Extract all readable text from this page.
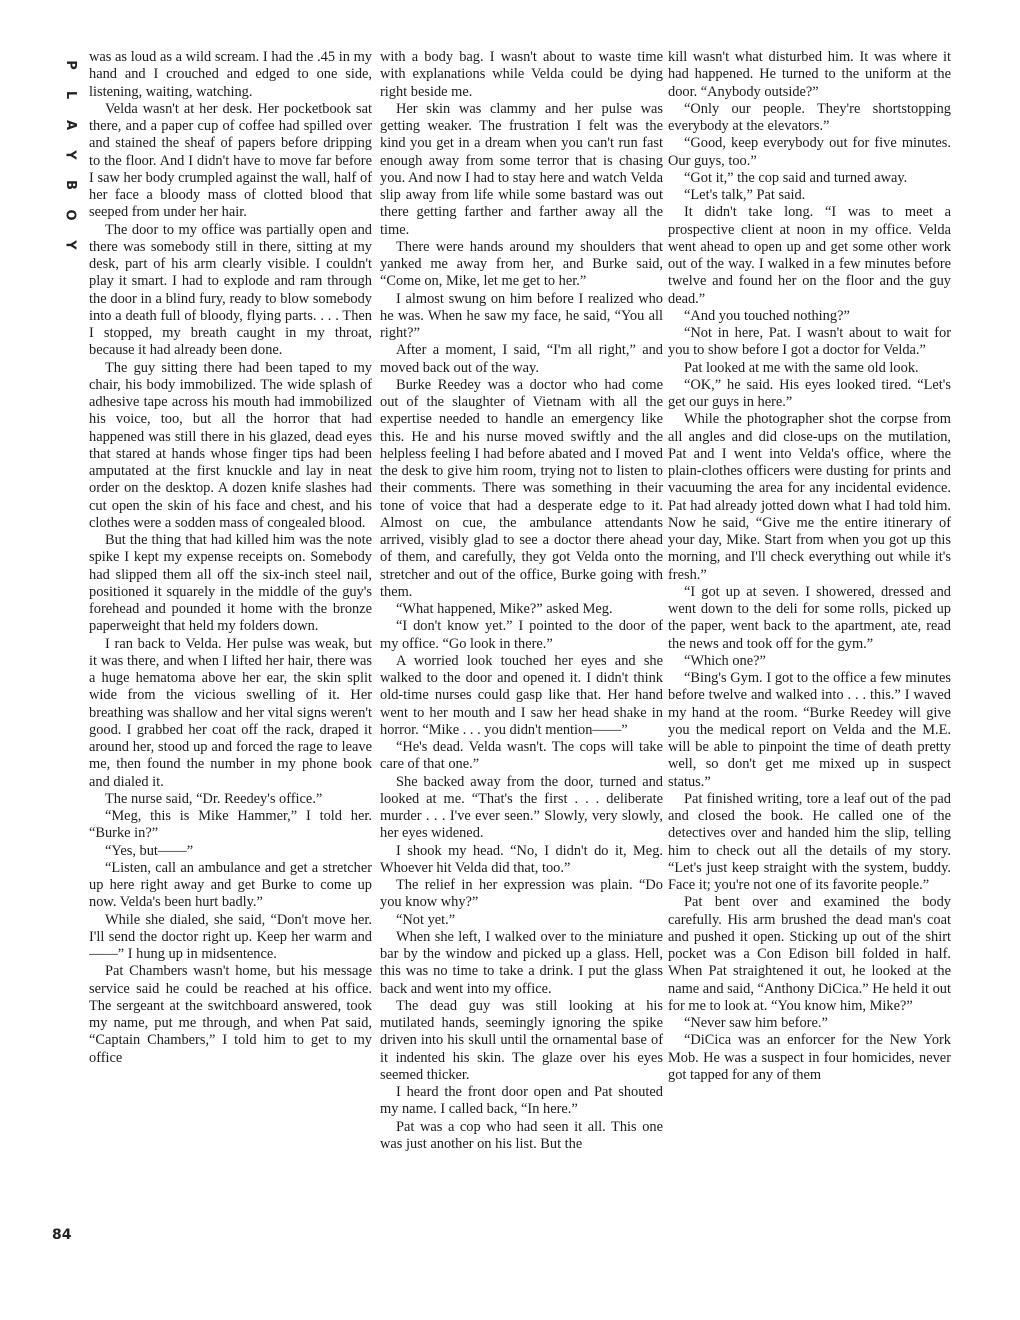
P
L
A
Y
B
O
Y
84

was as loud as a wild scream. I had the .45 in my hand and I crouched and edged to one side, listening, waiting, watching.

Velda wasn't at her desk. Her pocketbook sat there, and a paper cup of coffee had spilled over and stained the sheaf of papers before dripping to the floor. And I didn't have to move far before I saw her body crumpled against the wall, half of her face a bloody mass of clotted blood that seeped from under her hair.

The door to my office was partially open and there was somebody still in there, sitting at my desk, part of his arm clearly visible. I couldn't play it smart. I had to explode and ram through the door in a blind fury, ready to blow somebody into a death full of bloody, flying parts. . . . Then I stopped, my breath caught in my throat, because it had already been done.

The guy sitting there had been taped to my chair, his body immobilized. The wide splash of adhesive tape across his mouth had immobilized his voice, too, but all the horror that had happened was still there in his glazed, dead eyes that stared at hands whose finger tips had been amputated at the first knuckle and lay in neat order on the desktop. A dozen knife slashes had cut open the skin of his face and chest, and his clothes were a sodden mass of congealed blood.

But the thing that had killed him was the note spike I kept my expense receipts on. Somebody had slipped them all off the six-inch steel nail, positioned it squarely in the middle of the guy's forehead and pounded it home with the bronze paperweight that held my folders down.

I ran back to Velda. Her pulse was weak, but it was there, and when I lifted her hair, there was a huge hematoma above her ear, the skin split wide from the vicious swelling of it. Her breathing was shallow and her vital signs weren't good. I grabbed her coat off the rack, draped it around her, stood up and forced the rage to leave me, then found the number in my phone book and dialed it.

The nurse said, “Dr. Reedey's office.”

“Meg, this is Mike Hammer,” I told her. “Burke in?”

“Yes, but——”

“Listen, call an ambulance and get a stretcher up here right away and get Burke to come up now. Velda's been hurt badly.”

While she dialed, she said, “Don't move her. I'll send the doctor right up. Keep her warm and——” I hung up in midsentence.

Pat Chambers wasn't home, but his message service said he could be reached at his office. The sergeant at the switchboard answered, took my name, put me through, and when Pat said, “Captain Chambers,” I told him to get to my office

with a body bag. I wasn't about to waste time with explanations while Velda could be dying right beside me.

Her skin was clammy and her pulse was getting weaker. The frustration I felt was the kind you get in a dream when you can't run fast enough away from some terror that is chasing you. And now I had to stay here and watch Velda slip away from life while some bastard was out there getting farther and farther away all the time.

There were hands around my shoulders that yanked me away from her, and Burke said, “Come on, Mike, let me get to her.”

I almost swung on him before I realized who he was. When he saw my face, he said, “You all right?”

After a moment, I said, “I'm all right,” and moved back out of the way.

Burke Reedey was a doctor who had come out of the slaughter of Vietnam with all the expertise needed to handle an emergency like this. He and his nurse moved swiftly and the helpless feeling I had before abated and I moved the desk to give him room, trying not to listen to their comments. There was something in their tone of voice that had a desperate edge to it. Almost on cue, the ambulance attendants arrived, visibly glad to see a doctor there ahead of them, and carefully, they got Velda onto the stretcher and out of the office, Burke going with them.

“What happened, Mike?” asked Meg.

“I don't know yet.” I pointed to the door of my office. “Go look in there.”

A worried look touched her eyes and she walked to the door and opened it. I didn't think old-time nurses could gasp like that. Her hand went to her mouth and I saw her head shake in horror. “Mike . . . you didn't mention——”

“He's dead. Velda wasn't. The cops will take care of that one.”

She backed away from the door, turned and looked at me. “That's the first . . . deliberate murder . . . I've ever seen.” Slowly, very slowly, her eyes widened.

I shook my head. “No, I didn't do it, Meg. Whoever hit Velda did that, too.”

The relief in her expression was plain. “Do you know why?”

“Not yet.”

When she left, I walked over to the miniature bar by the window and picked up a glass. Hell, this was no time to take a drink. I put the glass back and went into my office.

The dead guy was still looking at his mutilated hands, seemingly ignoring the spike driven into his skull until the ornamental base of it indented his skin. The glaze over his eyes seemed thicker.

I heard the front door open and Pat shouted my name. I called back, “In here.”

Pat was a cop who had seen it all. This one was just another on his list. But the

kill wasn't what disturbed him. It was where it had happened. He turned to the uniform at the door. “Anybody outside?”

“Only our people. They're shortstopping everybody at the elevators.”

“Good, keep everybody out for five minutes. Our guys, too.”

“Got it,” the cop said and turned away.

“Let's talk,” Pat said.

It didn't take long. “I was to meet a prospective client at noon in my office. Velda went ahead to open up and get some other work out of the way. I walked in a few minutes before twelve and found her on the floor and the guy dead.”

“And you touched nothing?”

“Not in here, Pat. I wasn't about to wait for you to show before I got a doctor for Velda.”

Pat looked at me with the same old look.

“OK,” he said. His eyes looked tired. “Let's get our guys in here.”

While the photographer shot the corpse from all angles and did close-ups on the mutilation, Pat and I went into Velda's office, where the plain-clothes officers were dusting for prints and vacuuming the area for any incidental evidence. Pat had already jotted down what I had told him. Now he said, “Give me the entire itinerary of your day, Mike. Start from when you got up this morning, and I'll check everything out while it's fresh.”

“I got up at seven. I showered, dressed and went down to the deli for some rolls, picked up the paper, went back to the apartment, ate, read the news and took off for the gym.”

“Which one?”

“Bing's Gym. I got to the office a few minutes before twelve and walked into . . . this.” I waved my hand at the room. “Burke Reedey will give you the medical report on Velda and the M.E. will be able to pinpoint the time of death pretty well, so don't get me mixed up in suspect status.”

Pat finished writing, tore a leaf out of the pad and closed the book. He called one of the detectives over and handed him the slip, telling him to check out all the details of my story. “Let's just keep straight with the system, buddy. Face it; you're not one of its favorite people.”

Pat bent over and examined the body carefully. His arm brushed the dead man's coat and pushed it open. Sticking up out of the shirt pocket was a Con Edison bill folded in half. When Pat straightened it out, he looked at the name and said, “Anthony DiCica.” He held it out for me to look at. “You know him, Mike?”

“Never saw him before.”

“DiCica was an enforcer for the New York Mob. He was a suspect in four homicides, never got tapped for any of them
